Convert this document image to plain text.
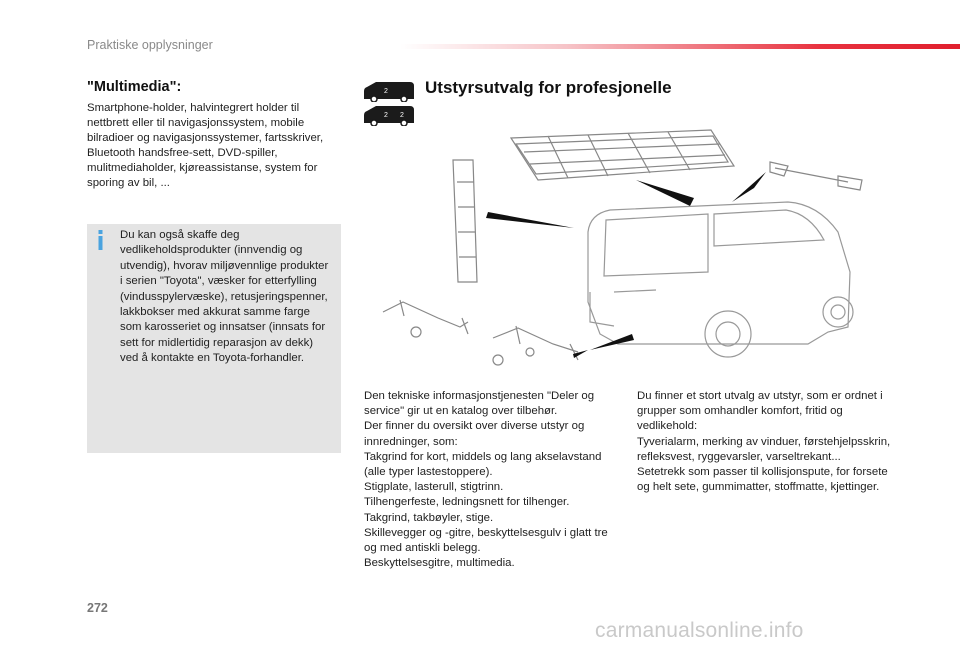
Praktiske opplysninger
"Multimedia":
Smartphone-holder, halvintegrert holder til nettbrett eller til navigasjonssystem, mobile bilradioer og navigasjonssystemer, fartsskriver, Bluetooth handsfree-sett, DVD-spiller, mulitmediaholder, kjøreassistanse, system for sporing av bil, ...
Du kan også skaffe deg vedlikeholdsprodukter (innvendig og utvendig), hvorav miljøvennlige produkter i serien "Toyota", væsker for etterfylling (vindusspylervæske), retusjeringspenner, lakkbokser med akkurat samme farge som karosseriet og innsatser (innsats for sett for midlertidig reparasjon av dekk) ved å kontakte en Toyota-forhandler.
2
2 2
Utstyrsutvalg for profesjonelle

Den tekniske informasjonstjenesten "Deler og service" gir ut en katalog over tilbehør.

Der finner du oversikt over diverse utstyr og innredninger, som:

Takgrind for kort, middels og lang akselavstand (alle typer lastestoppere).

Stigplate, lasterull, stigtrinn.

Tilhengerfeste, ledningsnett for tilhenger.

Takgrind, takbøyler, stige.

Skillevegger og -gitre, beskyttelsesgulv i glatt tre og med antiskli belegg.

Beskyttelsesgitre, multimedia.

Du finner et stort utvalg av utstyr, som er ordnet i grupper som omhandler komfort, fritid og vedlikehold:

Tyverialarm, merking av vinduer, førstehjelpsskrin, refleksvest, ryggevarsler, varseltrekant...

Setetrekk som passer til kollisjonspute, for forsete og helt sete, gummimatter, stoffmatte, kjettinger.

272
carmanualsonline.info
